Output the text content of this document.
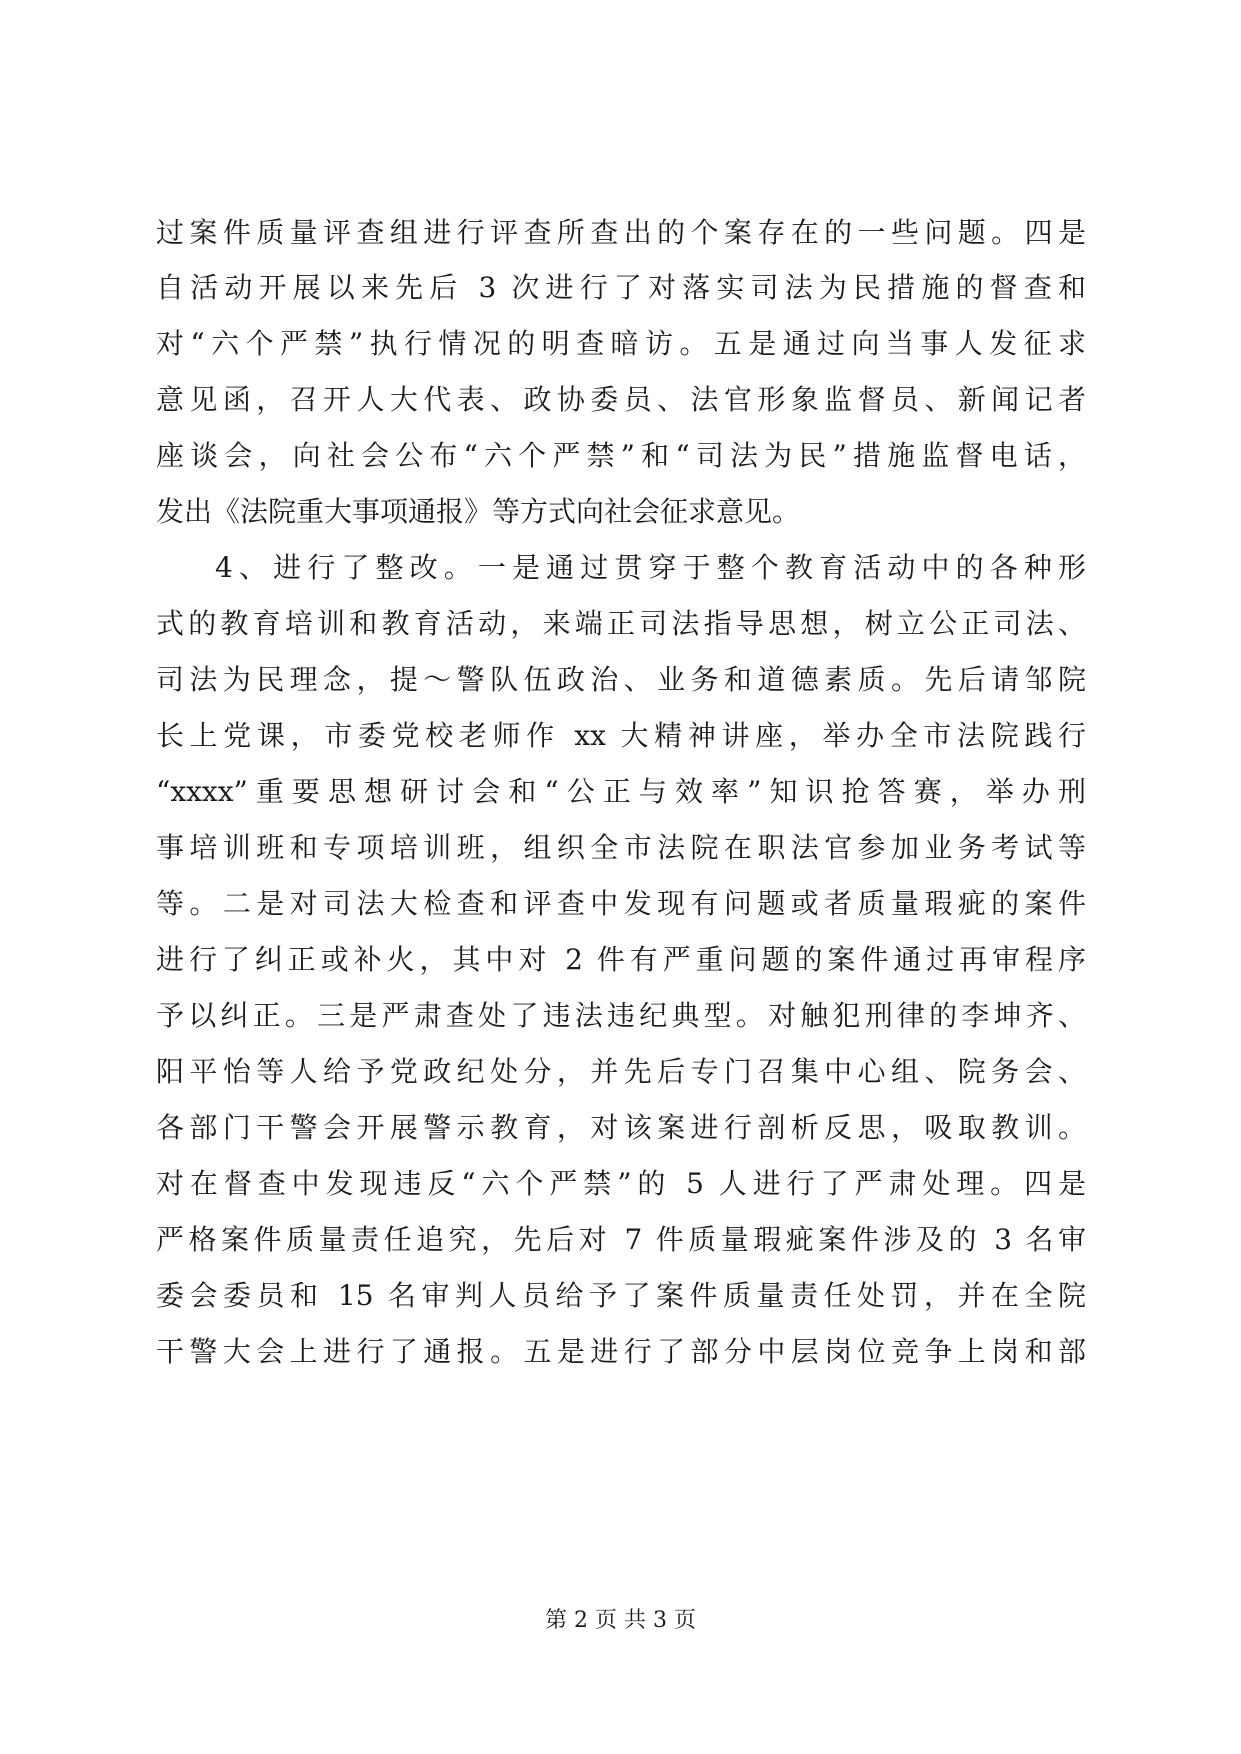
过案件质量评查组进行评查所查出的个案存在的一些问题。四是
自活动开展以来先后 3 次进行了对落实司法为民措施的督查和
对“六个严禁”执行情况的明查暗访。五是通过向当事人发征求
意见函，召开人大代表、政协委员、法官形象监督员、新闻记者
座谈会，向社会公布“六个严禁”和“司法为民”措施监督电话，
发出《法院重大事项通报》等方式向社会征求意见。
4、进行了整改。一是通过贯穿于整个教育活动中的各种形
式的教育培训和教育活动，来端正司法指导思想，树立公正司法、
司法为民理念，提～警队伍政治、业务和道德素质。先后请邹院
长上党课，市委党校老师作 xx 大精神讲座，举办全市法院践行
“xxxx”重要思想研讨会和“公正与效率”知识抢答赛，举办刑
事培训班和专项培训班，组织全市法院在职法官参加业务考试等
等。二是对司法大检查和评查中发现有问题或者质量瑕疵的案件
进行了纠正或补火，其中对 2 件有严重问题的案件通过再审程序
予以纠正。三是严肃查处了违法违纪典型。对触犯刑律的李坤齐、
阳平怡等人给予党政纪处分，并先后专门召集中心组、院务会、
各部门干警会开展警示教育，对该案进行剖析反思，吸取教训。
对在督查中发现违反“六个严禁”的 5 人进行了严肃处理。四是
严格案件质量责任追究，先后对 7 件质量瑕疵案件涉及的 3 名审
委会委员和 15 名审判人员给予了案件质量责任处罚，并在全院
干警大会上进行了通报。五是进行了部分中层岗位竞争上岗和部
第 2 页 共 3 页
